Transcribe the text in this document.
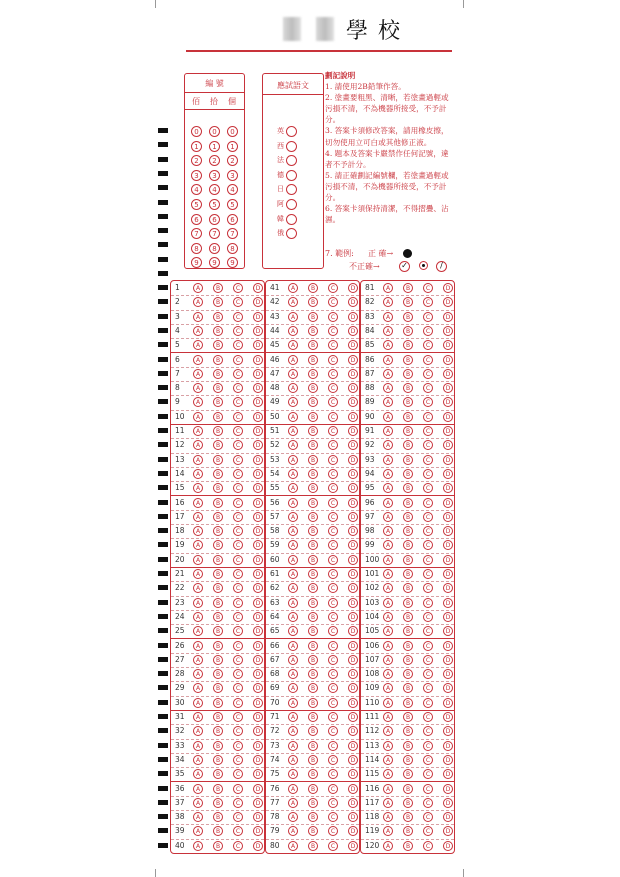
學校
編 號
佰	拾	個
0	0	0
1	1	1
2	2	2
3	3	3
4	4	4
5	5	5
6	6	6
7	7	7
8	8	8
9	9	9
應試語文
英
西
法
德
日
阿
韓
俄
劃記說明
1. 請使用2B鉛筆作答。
2. 塗畫要粗黑、清晰，若塗畫過輕或污損不清，不為機器所接受，不予計分。
3. 答案卡須修改答案，請用橡皮擦，切勿使用立可白或其他修正液。
4. 題本及答案卡嚴禁作任何記號，違者不予計分。
5. 請正確劃記編號欄，若塗畫過輕或污損不清，不為機器所接受，不予計分。
6. 答案卡須保持清潔，不得摺疊、沾濕。
7. 範例: 正 確→
不正確→	✓	/
1	A	B	C	D
2	A	B	C	D
3	A	B	C	D
4	A	B	C	D
5	A	B	C	D
6	A	B	C	D
7	A	B	C	D
8	A	B	C	D
9	A	B	C	D
10	A	B	C	D
11	A	B	C	D
12	A	B	C	D
13	A	B	C	D
14	A	B	C	D
15	A	B	C	D
16	A	B	C	D
17	A	B	C	D
18	A	B	C	D
19	A	B	C	D
20	A	B	C	D
21	A	B	C	D
22	A	B	C	D
23	A	B	C	D
24	A	B	C	D
25	A	B	C	D
26	A	B	C	D
27	A	B	C	D
28	A	B	C	D
29	A	B	C	D
30	A	B	C	D
31	A	B	C	D
32	A	B	C	D
33	A	B	C	D
34	A	B	C	D
35	A	B	C	D
36	A	B	C	D
37	A	B	C	D
38	A	B	C	D
39	A	B	C	D
40	A	B	C	D
41	A	B	C	D
42	A	B	C	D
43	A	B	C	D
44	A	B	C	D
45	A	B	C	D
46	A	B	C	D
47	A	B	C	D
48	A	B	C	D
49	A	B	C	D
50	A	B	C	D
51	A	B	C	D
52	A	B	C	D
53	A	B	C	D
54	A	B	C	D
55	A	B	C	D
56	A	B	C	D
57	A	B	C	D
58	A	B	C	D
59	A	B	C	D
60	A	B	C	D
61	A	B	C	D
62	A	B	C	D
63	A	B	C	D
64	A	B	C	D
65	A	B	C	D
66	A	B	C	D
67	A	B	C	D
68	A	B	C	D
69	A	B	C	D
70	A	B	C	D
71	A	B	C	D
72	A	B	C	D
73	A	B	C	D
74	A	B	C	D
75	A	B	C	D
76	A	B	C	D
77	A	B	C	D
78	A	B	C	D
79	A	B	C	D
80	A	B	C	D
81	A	B	C	D
82	A	B	C	D
83	A	B	C	D
84	A	B	C	D
85	A	B	C	D
86	A	B	C	D
87	A	B	C	D
88	A	B	C	D
89	A	B	C	D
90	A	B	C	D
91	A	B	C	D
92	A	B	C	D
93	A	B	C	D
94	A	B	C	D
95	A	B	C	D
96	A	B	C	D
97	A	B	C	D
98	A	B	C	D
99	A	B	C	D
100	A	B	C	D
101	A	B	C	D
102	A	B	C	D
103	A	B	C	D
104	A	B	C	D
105	A	B	C	D
106	A	B	C	D
107	A	B	C	D
108	A	B	C	D
109	A	B	C	D
110	A	B	C	D
111	A	B	C	D
112	A	B	C	D
113	A	B	C	D
114	A	B	C	D
115	A	B	C	D
116	A	B	C	D
117	A	B	C	D
118	A	B	C	D
119	A	B	C	D
120	A	B	C	D
